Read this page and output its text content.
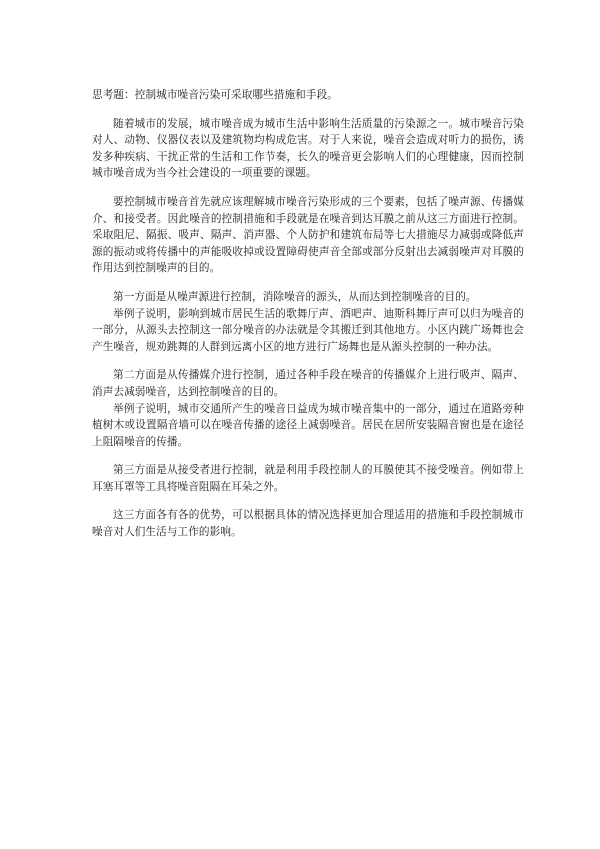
思考题：控制城市噪音污染可采取哪些措施和手段。

随着城市的发展，城市噪音成为城市生活中影响生活质量的污染源之一。城市噪音污染对人、动物、仪器仪表以及建筑物均构成危害。对于人来说，噪音会造成对听力的损伤，诱发多种疾病、干扰正常的生活和工作节奏，长久的噪音更会影响人们的心理健康，因而控制城市噪音成为当今社会建设的一项重要的课题。

要控制城市噪音首先就应该理解城市噪音污染形成的三个要素，包括了噪声源、传播媒介、和接受者。因此噪音的控制措施和手段就是在噪音到达耳膜之前从这三方面进行控制。采取阻尼、隔振、吸声、隔声、消声器、个人防护和建筑布局等七大措施尽力减弱或降低声源的振动或将传播中的声能吸收掉或设置障碍使声音全部或部分反射出去减弱噪声对耳膜的作用达到控制噪声的目的。

第一方面是从噪声源进行控制，消除噪音的源头，从而达到控制噪音的目的。

举例子说明，影响到城市居民生活的歌舞厅声、酒吧声、迪斯科舞厅声可以归为噪音的一部分，从源头去控制这一部分噪音的办法就是令其搬迁到其他地方。小区内跳广场舞也会产生噪音，规劝跳舞的人群到远离小区的地方进行广场舞也是从源头控制的一种办法。

第二方面是从传播媒介进行控制，通过各种手段在噪音的传播媒介上进行吸声、隔声、消声去减弱噪音，达到控制噪音的目的。

举例子说明，城市交通所产生的噪音日益成为城市噪音集中的一部分，通过在道路旁种植树木或设置隔音墙可以在噪音传播的途径上减弱噪音。居民在居所安装隔音窗也是在途径上阻隔噪音的传播。

第三方面是从接受者进行控制，就是利用手段控制人的耳膜使其不接受噪音。例如带上耳塞耳罩等工具将噪音阻隔在耳朵之外。

这三方面各有各的优势，可以根据具体的情况选择更加合理适用的措施和手段控制城市噪音对人们生活与工作的影响。
